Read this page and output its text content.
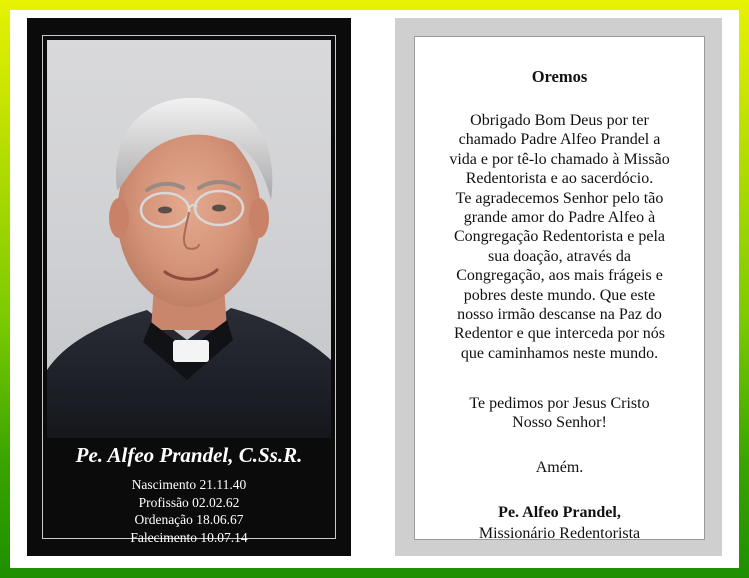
Pe. Alfeo Prandel, C.Ss.R.
Nascimento 21.11.40
Profissão 02.02.62
Ordenação 18.06.67
Falecimento 10.07.14
Oremos
Obrigado Bom Deus por ter
chamado Padre Alfeo Prandel a
vida e por tê-lo chamado à Missão
Redentorista e ao sacerdócio.
Te agradecemos Senhor pelo tão
grande amor do Padre Alfeo à
Congregação Redentorista e pela
sua doação, através da
Congregação, aos mais frágeis e
pobres deste mundo. Que este
nosso irmão descanse na Paz do
Redentor e que interceda por nós
que caminhamos neste mundo.
Te pedimos por Jesus Cristo
Nosso Senhor!
Amém.
Pe. Alfeo Prandel,
Missionário Redentorista
